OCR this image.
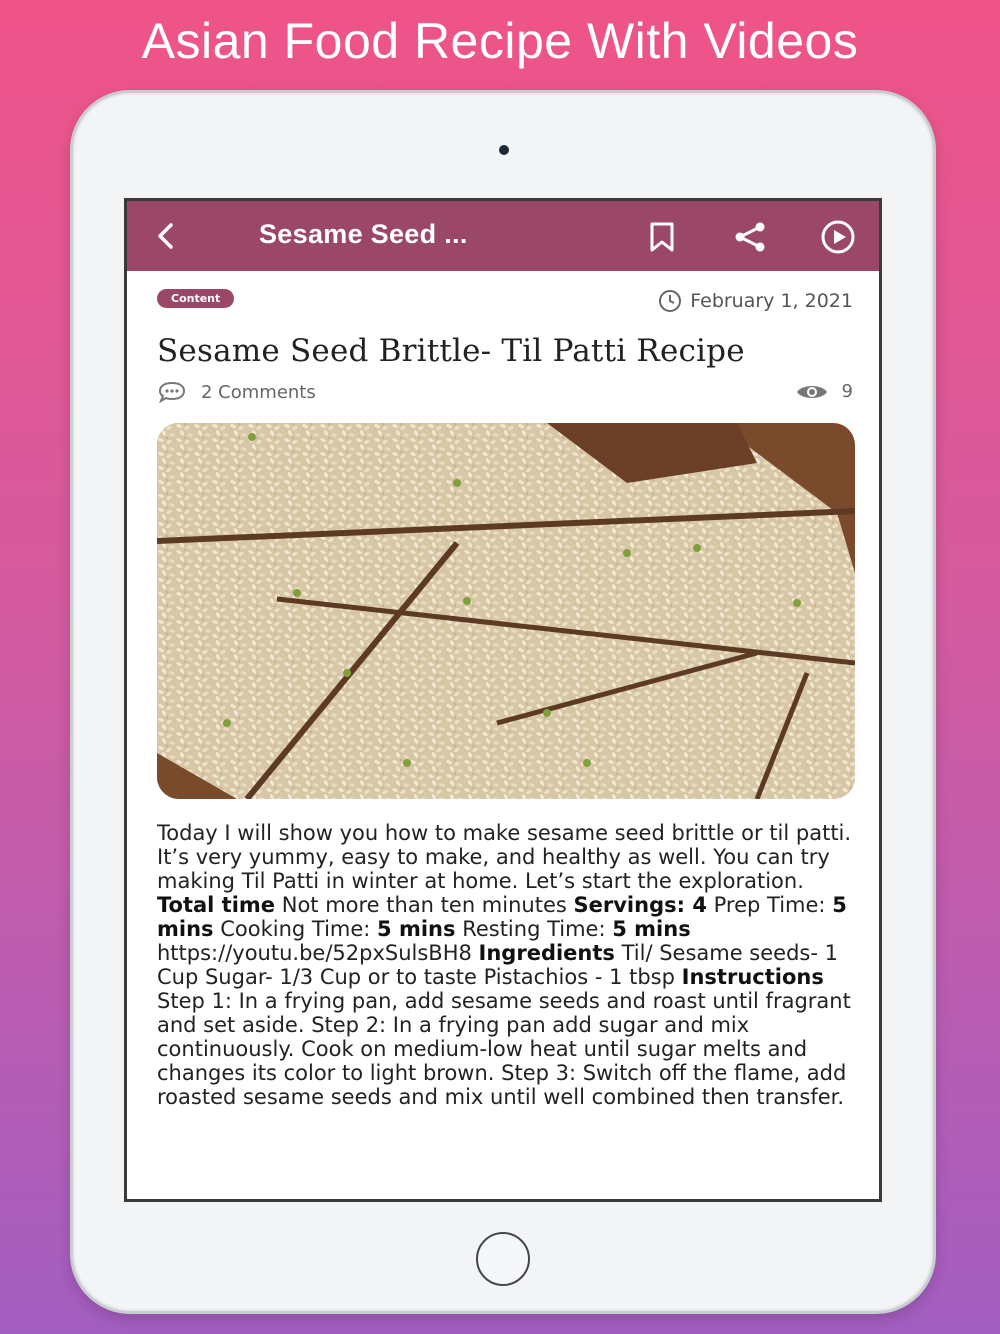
Asian Food Recipe With Videos
Sesame Seed ...
Content	February 1, 2021
Sesame Seed Brittle- Til Patti Recipe
2 Comments	9
Today I will show you how to make sesame seed brittle or til patti. It’s very yummy, easy to make, and healthy as well. You can try making Til Patti in winter at home. Let’s start the exploration. Total time Not more than ten minutes Servings: 4 Prep Time: 5 mins Cooking Time: 5 mins Resting Time: 5 mins https://youtu.be/52pxSulsBH8 Ingredients Til/ Sesame seeds- 1 Cup Sugar- 1/3 Cup or to taste Pistachios - 1 tbsp Instructions Step 1: In a frying pan, add sesame seeds and roast until fragrant and set aside. Step 2: In a frying pan add sugar and mix continuously. Cook on medium-low heat until sugar melts and changes its color to light brown. Step 3: Switch off the flame, add roasted sesame seeds and mix until well combined then transfer.
